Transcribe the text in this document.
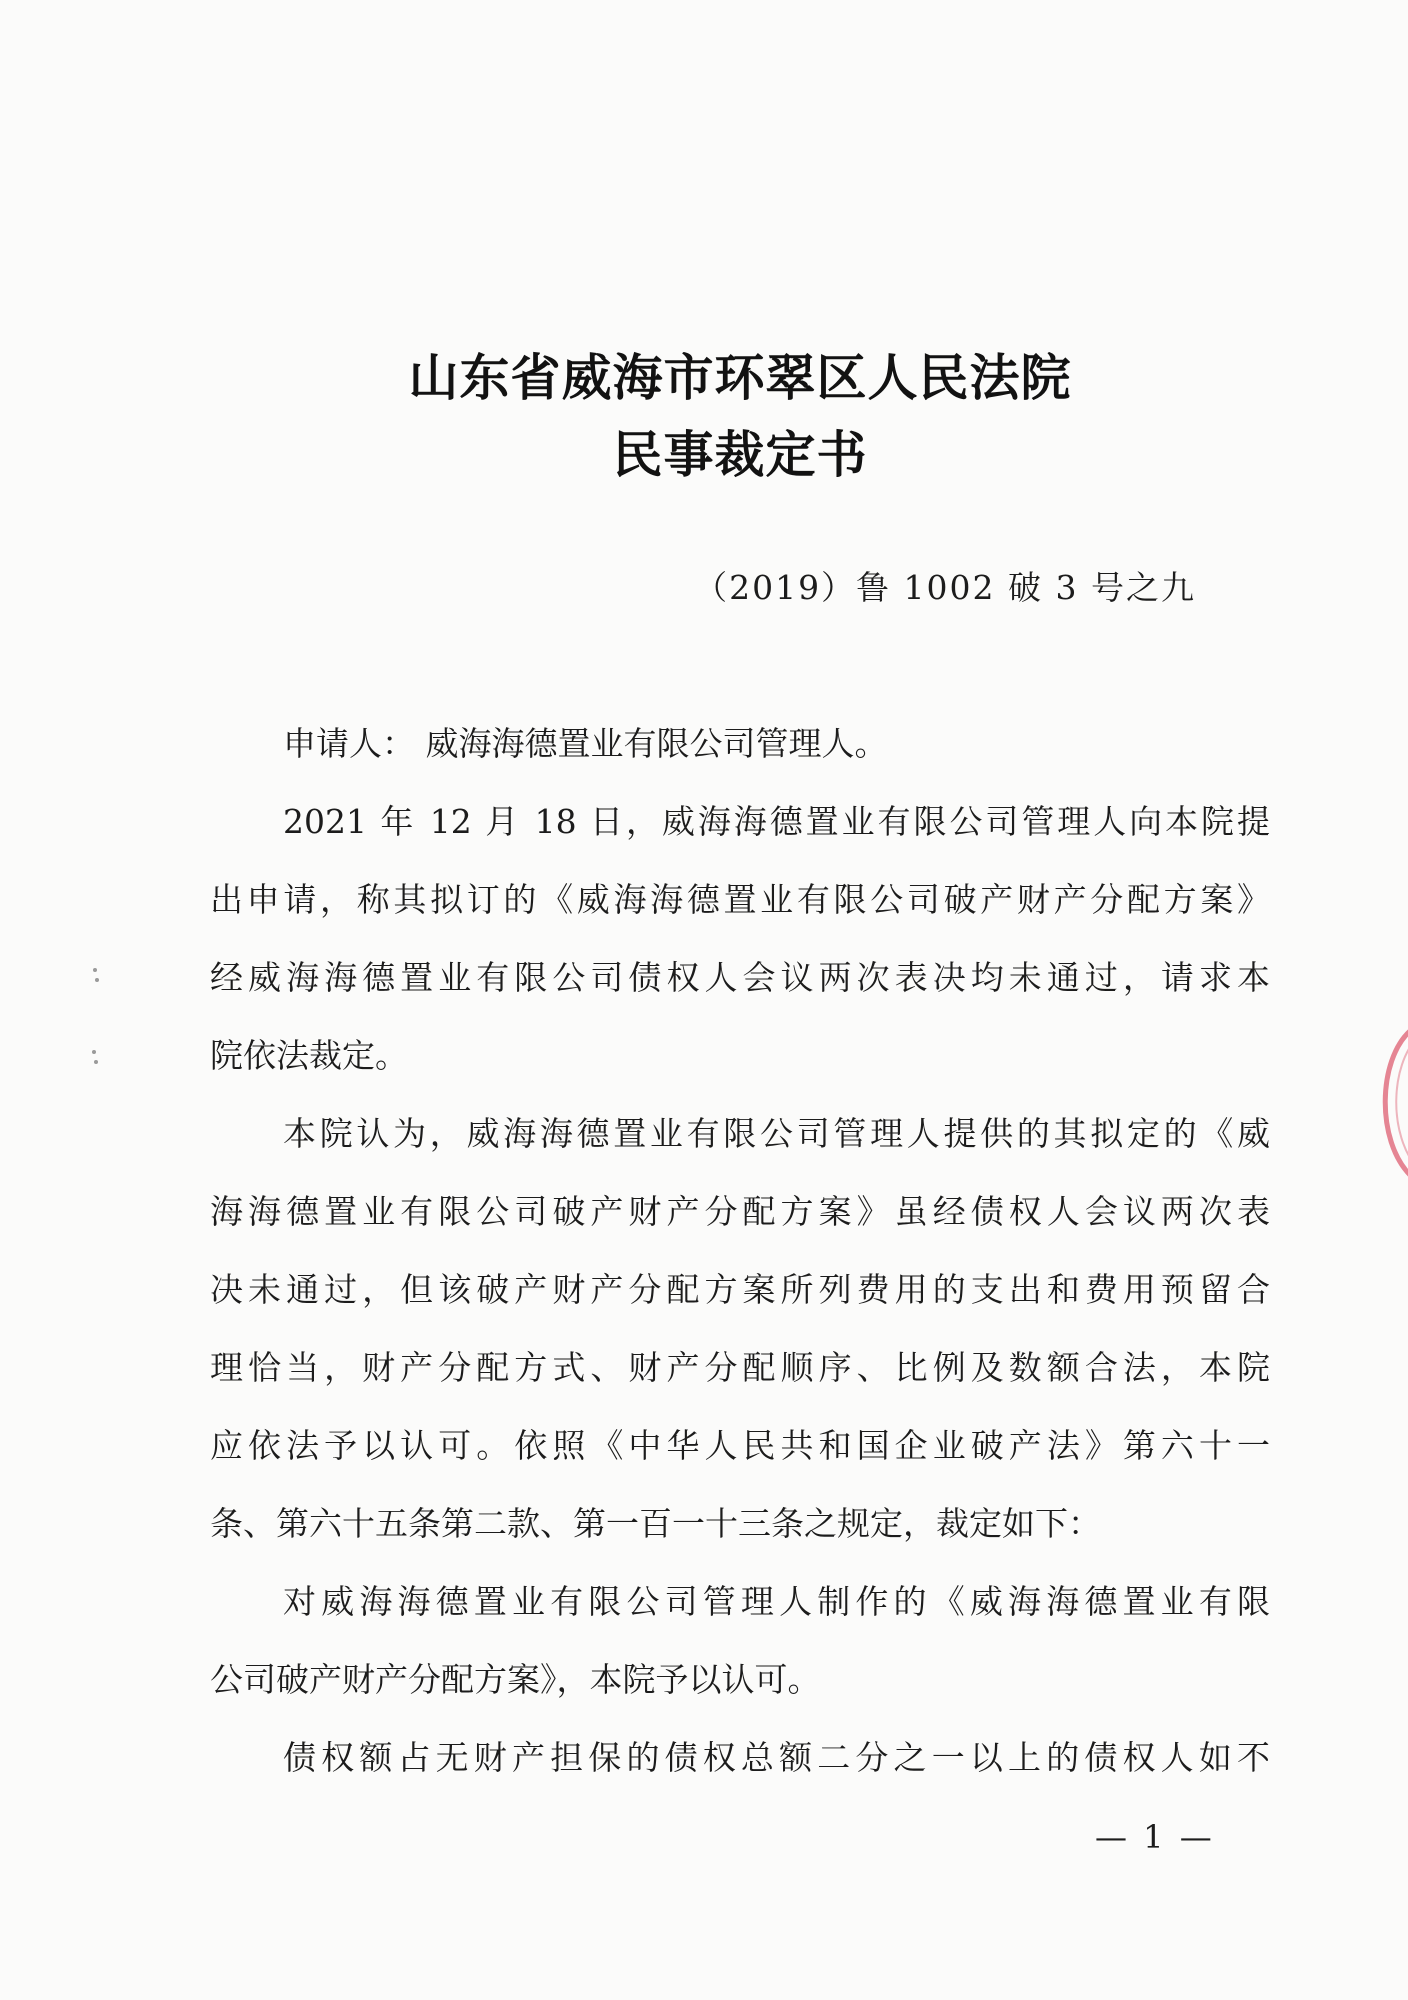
山东省威海市环翠区人民法院
民事裁定书
（2019）鲁 1002 破 3 号之九
申请人： 威海海德置业有限公司管理人。
2021 年 12 月 18 日，威海海德置业有限公司管理人向本院提
出申请，称其拟订的《威海海德置业有限公司破产财产分配方案》
经威海海德置业有限公司债权人会议两次表决均未通过，请求本
院依法裁定。
本院认为，威海海德置业有限公司管理人提供的其拟定的《威
海海德置业有限公司破产财产分配方案》虽经债权人会议两次表
决未通过，但该破产财产分配方案所列费用的支出和费用预留合
理恰当，财产分配方式、财产分配顺序、比例及数额合法，本院
应依法予以认可。依照《中华人民共和国企业破产法》第六十一
条、第六十五条第二款、第一百一十三条之规定，裁定如下：
对威海海德置业有限公司管理人制作的《威海海德置业有限
公司破产财产分配方案》，本院予以认可。
债权额占无财产担保的债权总额二分之一以上的债权人如不
— 1 —
